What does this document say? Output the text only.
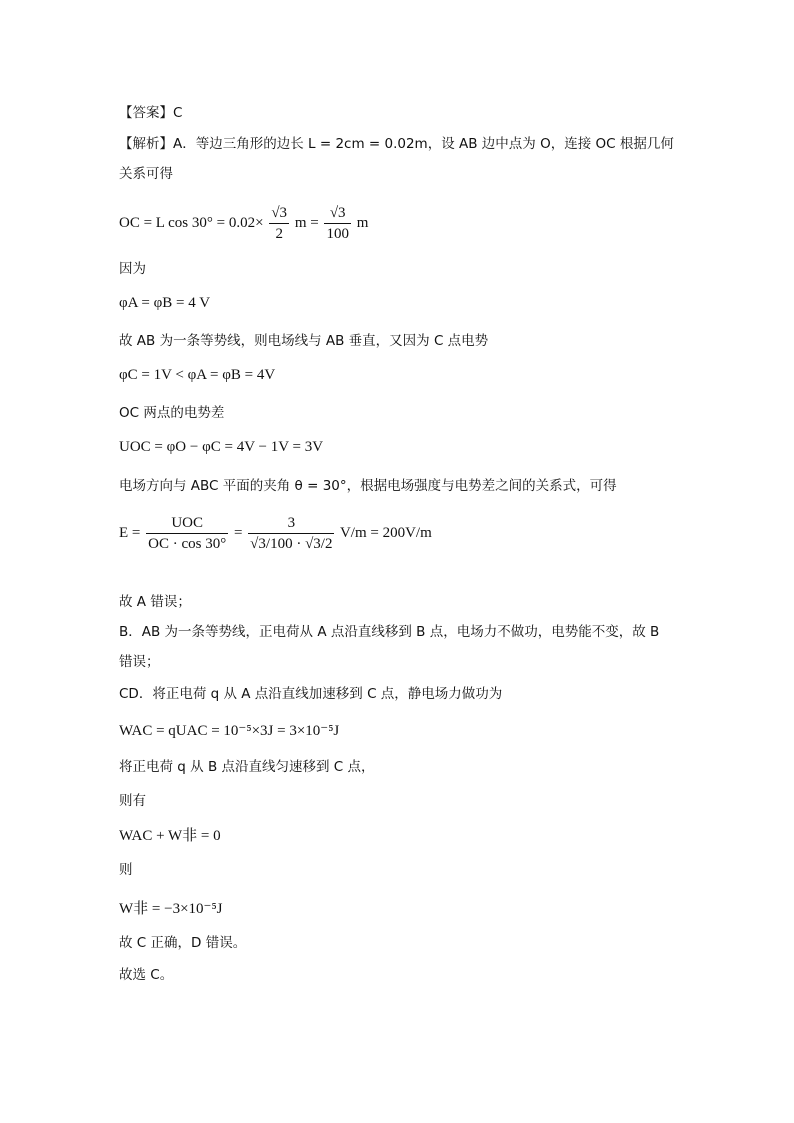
【答案】C
【解析】A．等边三角形的边长 L = 2cm = 0.02m，设 AB 边中点为 O，连接 OC 根据几何
关系可得
OC = L $\cos 30^\circ = 0.02\times \frac{√3}{2}$ $m = \frac{√3}{100}$ m
因为
φA = φB = 4 V
故 AB 为一条等势线，则电场线与 AB 垂直，又因为 C 点电势
φC = 1V < φA = φB = 4V
OC 两点的电势差
UOC = φO − φC = 4V − 1V = 3V
电场方向与 ABC 平面的夹角 θ = 30°，根据电场强度与电势差之间的关系式，可得
$E = \frac{\text{UOC}}{OC \cdot \cos 30^\circ} = \frac{3}{√3/100 \cdot √3/2} V/m = 200V/m$
故 A 错误；
B．AB 为一条等势线，正电荷从 A 点沿直线移到 B 点，电场力不做功，电势能不变，故 B
错误；
CD．将正电荷 q 从 A 点沿直线加速移到 C 点，静电场力做功为
WAC = qUAC = 10⁻⁵×3J = 3×10⁻⁵J
将正电荷 q 从 B 点沿直线匀速移到 C 点，
则有
WAC + W非 = 0
则
W非 = −3×10⁻⁵J
故 C 正确，D 错误。
故选 C。
